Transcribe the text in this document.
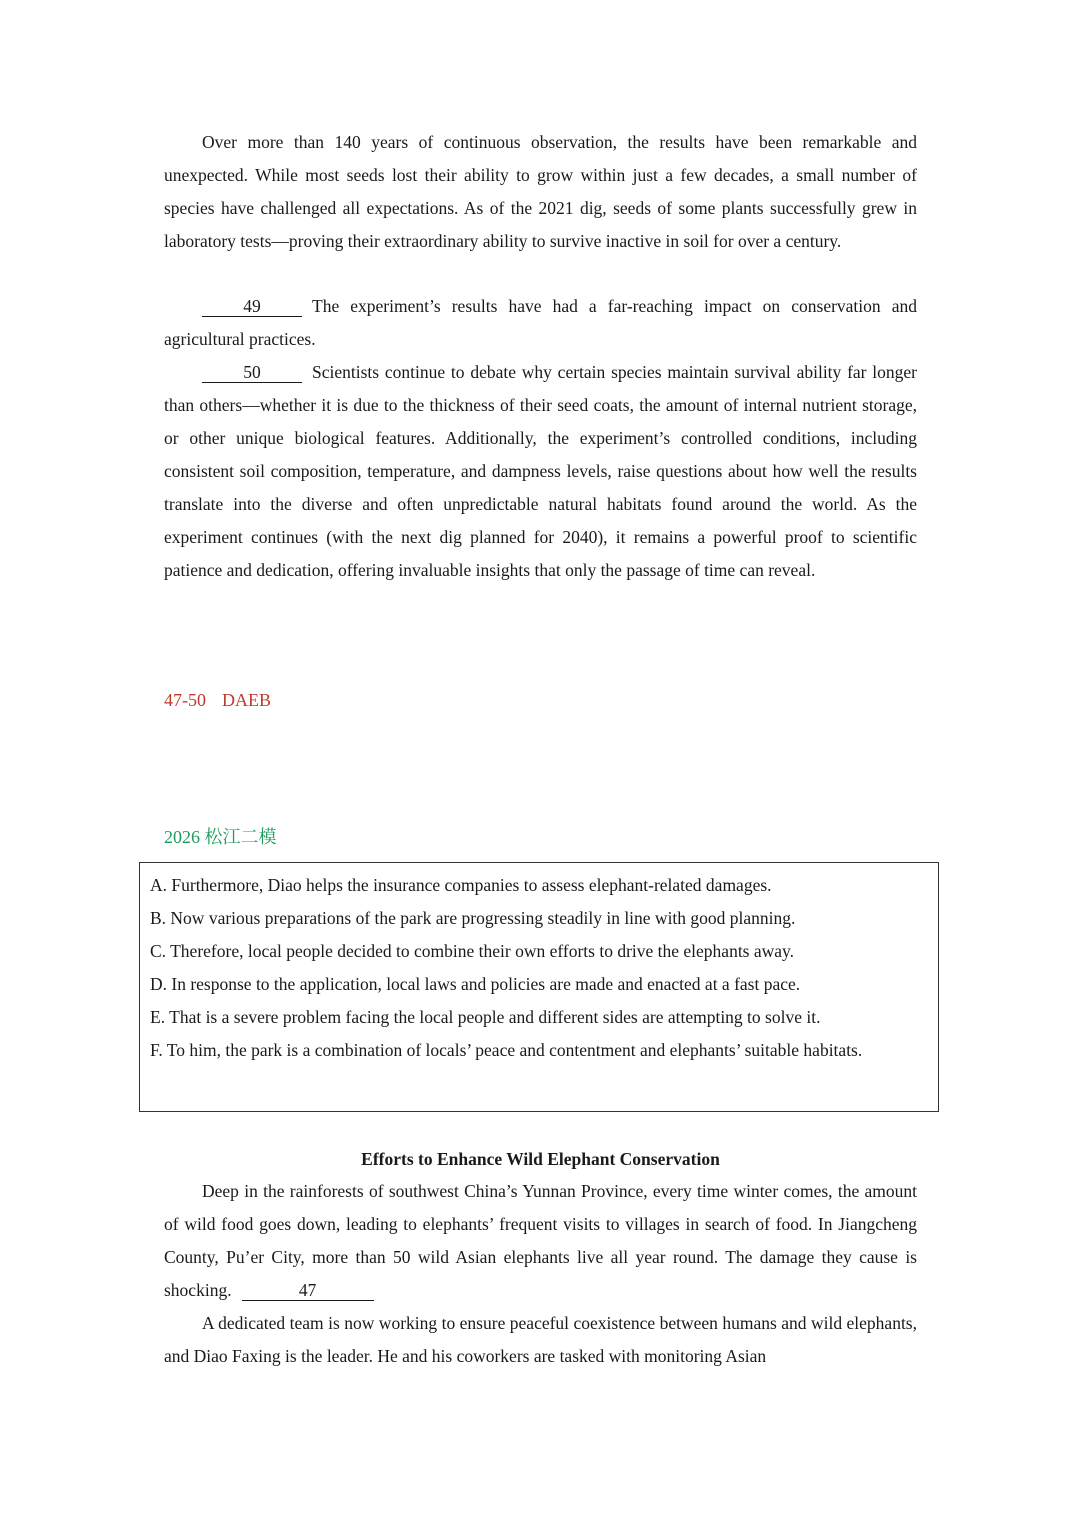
Over more than 140 years of continuous observation, the results have been remarkable and unexpected. While most seeds lost their ability to grow within just a few decades, a small number of species have challenged all expectations. As of the 2021 dig, seeds of some plants successfully grew in laboratory tests—proving their extraordinary ability to survive inactive in soil for over a century.

49	The experiment’s results have had a far-reaching impact on conservation and agricultural practices.

50	Scientists continue to debate why certain species maintain survival ability far longer than others—whether it is due to the thickness of their seed coats, the amount of internal nutrient storage, or other unique biological features. Additionally, the experiment’s controlled conditions, including consistent soil composition, temperature, and dampness levels, raise questions about how well the results translate into the diverse and often unpredictable natural habitats found around the world. As the experiment continues (with the next dig planned for 2040), it remains a powerful proof to scientific patience and dedication, offering invaluable insights that only the passage of time can reveal.

47-50 DAEB
2026 松江二模

A. Furthermore, Diao helps the insurance companies to assess elephant-related damages.

B. Now various preparations of the park are progressing steadily in line with good planning.

C. Therefore, local people decided to combine their own efforts to drive the elephants away.

D. In response to the application, local laws and policies are made and enacted at a fast pace.

E. That is a severe problem facing the local people and different sides are attempting to solve it.

F. To him, the park is a combination of locals’ peace and contentment and elephants’ suitable habitats.

Efforts to Enhance Wild Elephant Conservation

Deep in the rainforests of southwest China’s Yunnan Province, every time winter comes, the amount of wild food goes down, leading to elephants’ frequent visits to villages in search of food. In Jiangcheng County, Pu’er City, more than 50 wild Asian elephants live all year round. The damage they cause is shocking.	47

A dedicated team is now working to ensure peaceful coexistence between humans and wild elephants, and Diao Faxing is the leader. He and his coworkers are tasked with monitoring Asian
